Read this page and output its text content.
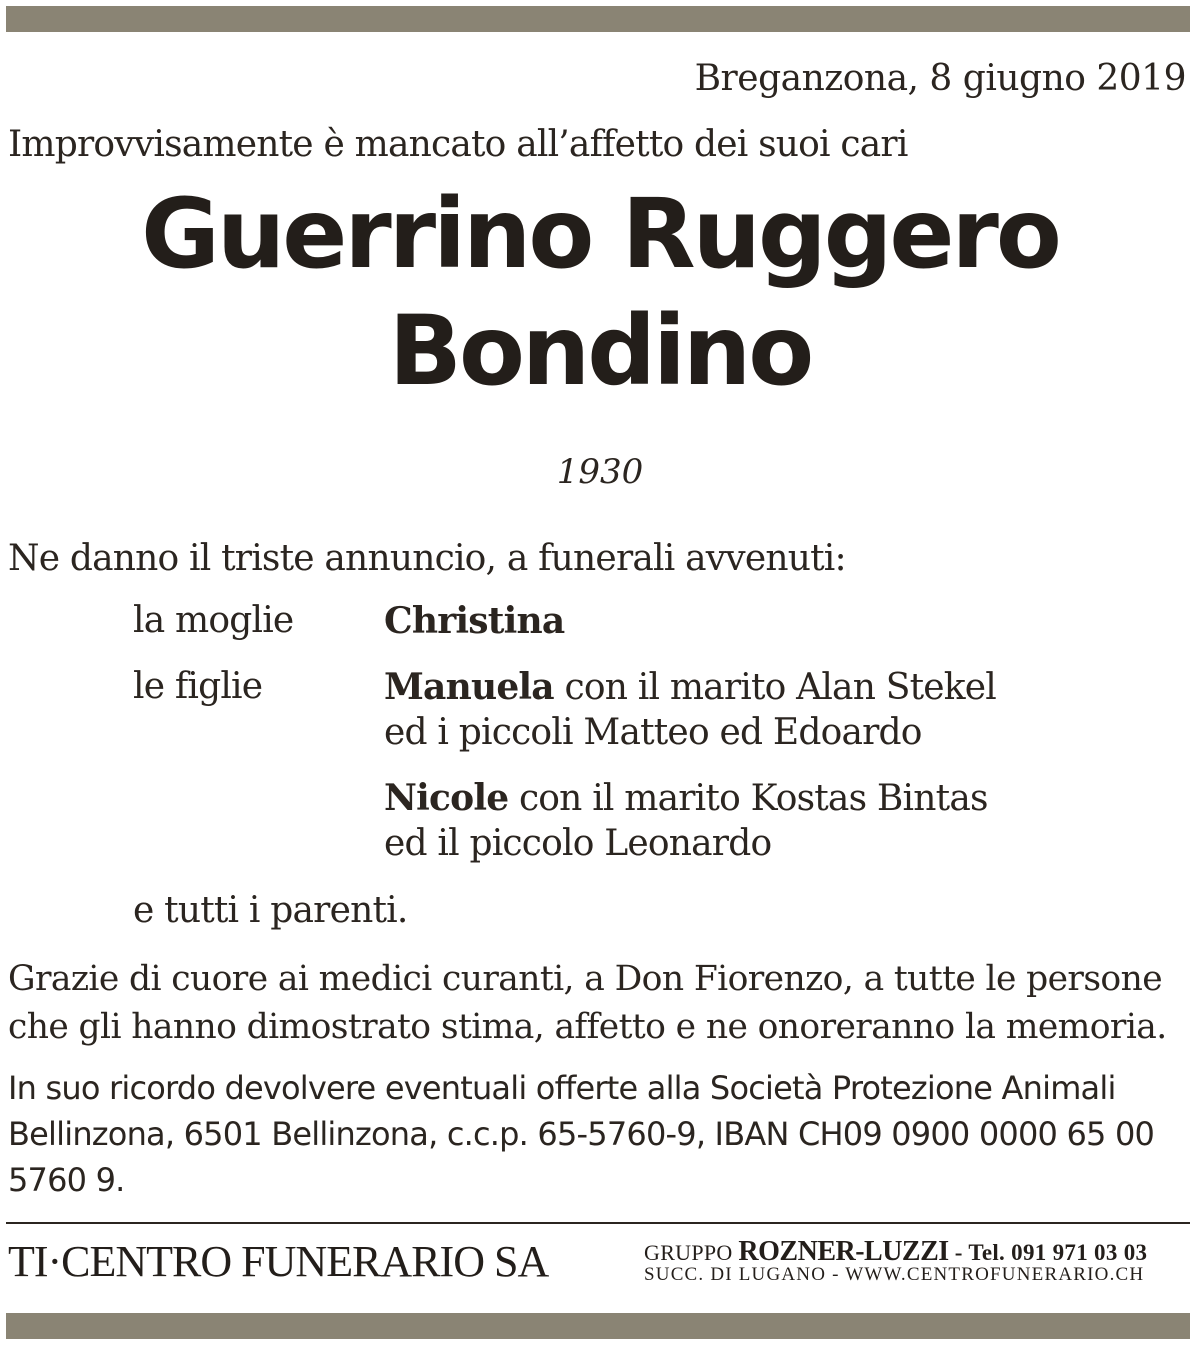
Breganzona, 8 giugno 2019
Improvvisamente è mancato all’affetto dei suoi cari
Guerrino Ruggero
Bondino
1930
Ne danno il triste annuncio, a funerali avvenuti:
la moglie	Christina
le figlie	Manuela con il marito Alan Stekel
ed i piccoli Matteo ed Edoardo
Nicole con il marito Kostas Bintas
ed il piccolo Leonardo
e tutti i parenti.
Grazie di cuore ai medici curanti, a Don Fiorenzo, a tutte le persone che gli hanno dimostrato stima, affetto e ne onoreranno la memoria.
In suo ricordo devolvere eventuali offerte alla Società Protezione Animali Bellinzona, 6501 Bellinzona, c.c.p. 65-5760-9, IBAN CH09 0900 0000 65 00 5760 9.
TI·CENTRO FUNERARIO SA	GRUPPO ROZNER-LUZZI - Tel. 091 971 03 03
SUCC. DI LUGANO - WWW.CENTROFUNERARIO.CH
